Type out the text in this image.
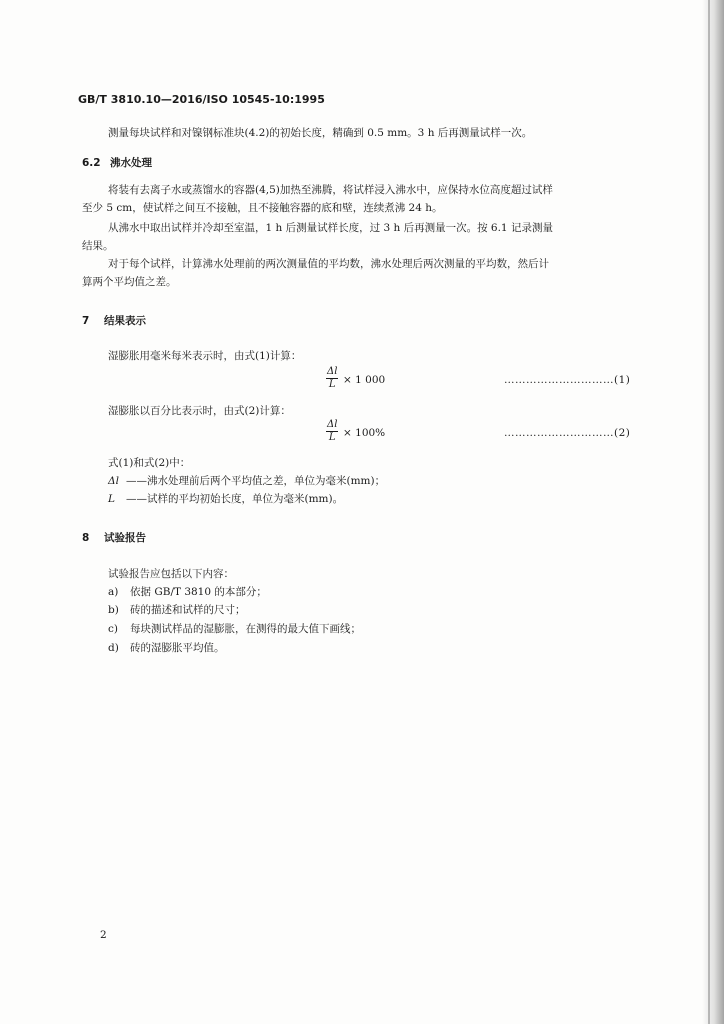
GB/T 3810.10—2016/ISO 10545-10:1995
测量每块试样和对镍钢标准块(4.2)的初始长度，精确到 0.5 mm。3 h 后再测量试样一次。
6.2 沸水处理
将装有去离子水或蒸馏水的容器(4,5)加热至沸腾，将试样浸入沸水中，应保持水位高度超过试样
至少 5 cm，使试样之间互不接触，且不接触容器的底和壁，连续煮沸 24 h。
从沸水中取出试样并冷却至室温，1 h 后测量试样长度，过 3 h 后再测量一次。按 6.1 记录测量
结果。
对于每个试样，计算沸水处理前的两次测量值的平均数，沸水处理后两次测量的平均数，然后计
算两个平均值之差。
7 结果表示
湿膨胀用毫米每米表示时，由式(1)计算：
$\frac{\Delta l}{L} \times 1$ 000	…………………………(1)
湿膨胀以百分比表示时，由式(2)计算：
$\frac{\Delta l}{L} \times 100\%$	…………………………(2)
式(1)和式(2)中：
Δl ——沸水处理前后两个平均值之差，单位为毫米(mm)；
L ——试样的平均初始长度，单位为毫米(mm)。
8 试验报告
试验报告应包括以下内容：
a) 依据 GB/T 3810 的本部分；
b) 砖的描述和试样的尺寸；
c) 每块测试样品的湿膨胀，在测得的最大值下画线；
d) 砖的湿膨胀平均值。
2
